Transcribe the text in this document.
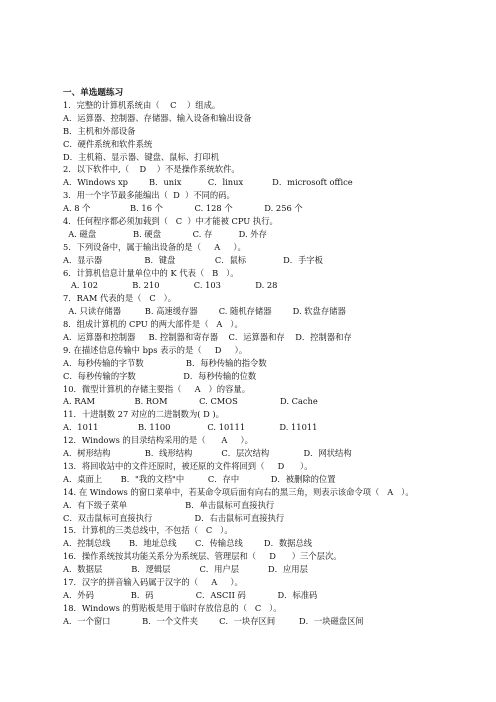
一、单选题练习
1．完整的计算机系统由（    C    ）组成。
A．运算器、控制器、存储器、输入设备和输出设备
B．主机和外部设备
C．硬件系统和软件系统
D．主机箱、显示器、键盘、鼠标、打印机
2．以下软件中,（    D    ）不是操作系统软件。
A．Windows xp        B．unix          C．linux           D．microsoft office
3．用一个字节最多能编出（  D  ）不同的码。
A. 8 个               B. 16 个            C. 128 个            D. 256 个
4．任何程序都必须加载到（   C  ）中才能被 CPU 执行。
A. 磁盘              B. 硬盘            C. 存          D. 外存
5．下列设备中，属于输出设备的是（     A     ）。
A．显示器                B．键盘               C．鼠标              D．手字板
6．计算机信息计量单位中的 K 代表（   B   ）。
A. 102             B. 210             C. 103             D. 28
7．RAM 代表的是（   C   ）。
A. 只读存储器         B. 高速缓存器        C. 随机存储器        D. 软盘存储器
8．组成计算机的 CPU 的两大部件是（   A   ）。
A．运算器和控制器     B. 控制器和寄存器    C．运算器和存    D．控制器和存
9. 在描述信息传输中 bps 表示的是（     D     ）。
A．每秒传输的字节数                B．每秒传输的指令数
C．每秒传输的字数                  D．每秒传输的位数
10．微型计算机的存储主要指（     A   ）的容量。
A. RAM               B. ROM            C. CMOS                D. Cache
11．十进制数 27 对应的二进制数为( D )。
A．1011               B. 1100              C. 10111             D. 11011
12．Windows 的目录结构采用的是（      A     ）。
A．树形结构             B．线形结构           C．层次结构             D．网状结构
13．将回收站中的文件还原时，被还原的文件将回到（     D      ）。
A．桌面上       B．"我的文档"中         C．存中            D．被删除的位置
14. 在 Windows 的窗口菜单中，若某命令项后面有向右的黑三角，则表示该命令项（   A   ）。
A．有下级子菜单                      B．单击鼠标可直接执行
C．双击鼠标可直接执行                D．右击鼠标可直接执行
15．计算机的三类总线中，不包括（   C   ）。
A．控制总线       B．地址总线       C．传输总线        D．数据总线
16．操作系统按其功能关系分为系统层、管理层和（     D      ）三个层次。
A．数据层           B．逻辑层           C．用户层           D．应用层
17．汉字的拼音输入码属于汉字的（     A     ）。
A．外码              B．码                C．ASCII 码            D．标准码
18．Windows 的剪贴板是用于临时存放信息的（   C   ）。
A．一个窗口            B．一个文件夹        C．一块存区间         D．一块磁盘区间
